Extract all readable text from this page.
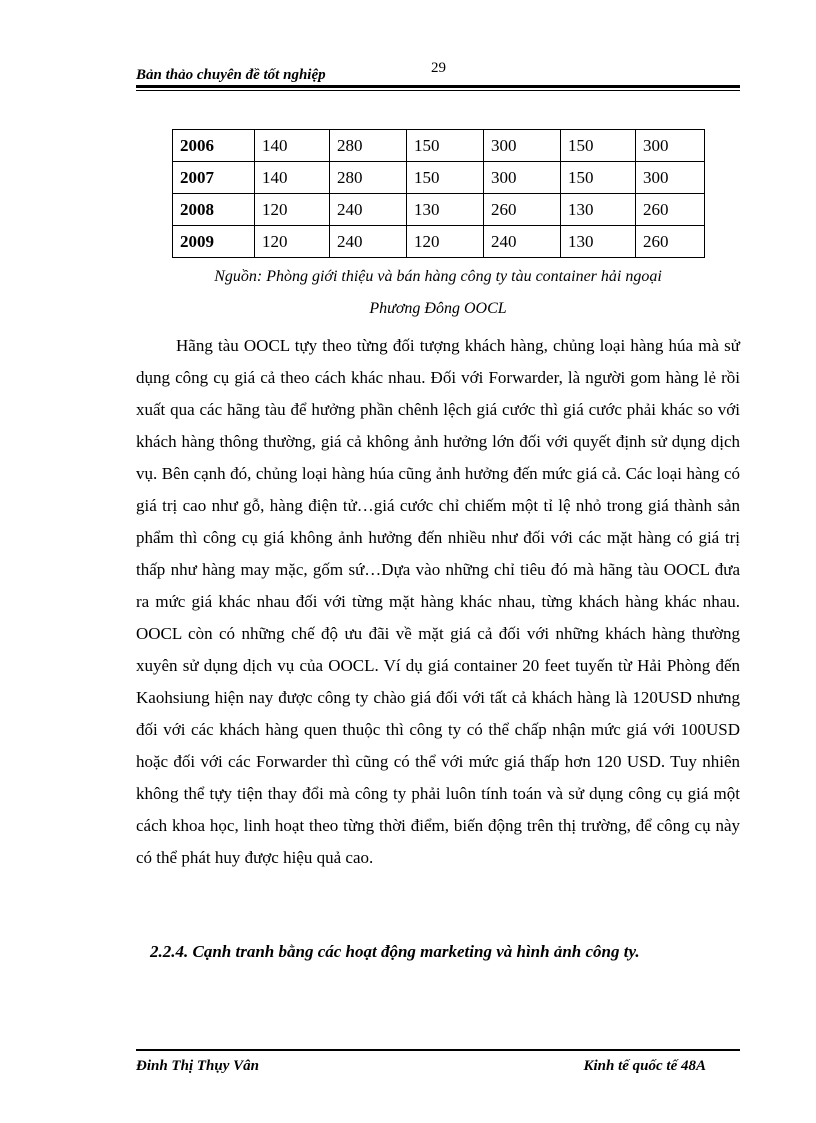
Bản thảo chuyên đề tốt nghiệp	29
2006	140	280	150	300	150	300
2007	140	280	150	300	150	300
2008	120	240	130	260	130	260
2009	120	240	120	240	130	260
Nguồn: Phòng giới thiệu và bán hàng công ty tàu container hải ngoại
Phương Đông OOCL

Hãng tàu OOCL tựy theo từng đối tượng khách hàng, chủng loại hàng húa mà sử dụng công cụ giá cả theo cách khác nhau. Đối với Forwarder, là người gom hàng lẻ rồi xuất qua các hãng tàu để hưởng phần chênh lệch giá cước thì giá cước phải khác so với khách hàng thông thường, giá cả không ảnh hưởng lớn đối với quyết định sử dụng dịch vụ. Bên cạnh đó, chủng loại hàng húa cũng ảnh hưởng đến mức giá cả. Các loại hàng có giá trị cao như gỗ, hàng điện tử…giá cước chỉ chiếm một tỉ lệ nhỏ trong giá thành sản phẩm thì công cụ giá không ảnh hưởng đến nhiều như đối với các mặt hàng có giá trị thấp như hàng may mặc, gốm sứ…Dựa vào những chỉ tiêu đó mà hãng tàu OOCL đưa ra mức giá khác nhau đối với từng mặt hàng khác nhau, từng khách hàng khác nhau. OOCL còn có những chế độ ưu đãi về mặt giá cả đối với những khách hàng thường xuyên sử dụng dịch vụ của OOCL. Ví dụ giá container 20 feet tuyến từ Hải Phòng đến Kaohsiung hiện nay được công ty chào giá đối với tất cả khách hàng là 120USD nhưng đối với các khách hàng quen thuộc thì công ty có thể chấp nhận mức giá với 100USD hoặc đối với các Forwarder thì cũng có thể với mức giá thấp hơn 120 USD. Tuy nhiên không thể tựy tiện thay đổi mà công ty phải luôn tính toán và sử dụng công cụ giá một cách khoa học, linh hoạt theo từng thời điểm, biến động trên thị trường, để công cụ này có thể phát huy được hiệu quả cao.

2.2.4. Cạnh tranh bằng các hoạt động marketing và hình ảnh công ty.
Đinh Thị Thụy Vân	Kinh tế quốc tế 48A
